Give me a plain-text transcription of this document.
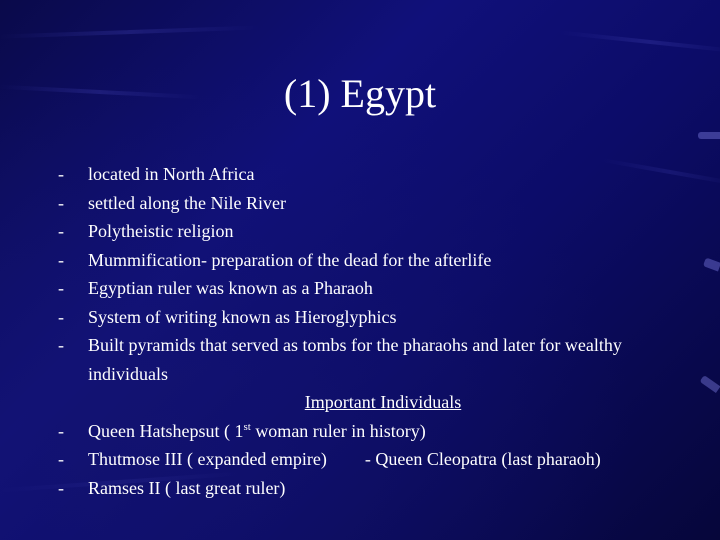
(1) Egypt
- located in North Africa
- settled along the Nile River
- Polytheistic religion
- Mummification- preparation of the dead for the afterlife
- Egyptian ruler was known as a Pharaoh
- System of writing known as Hieroglyphics
- Built pyramids that served as tombs for the pharaohs and later for wealthy individuals
Important Individuals
- Queen Hatshepsut ( 1st woman ruler in history)
- Thutmose III ( expanded empire) - Queen Cleopatra (last pharaoh)
- Ramses II ( last great ruler)
